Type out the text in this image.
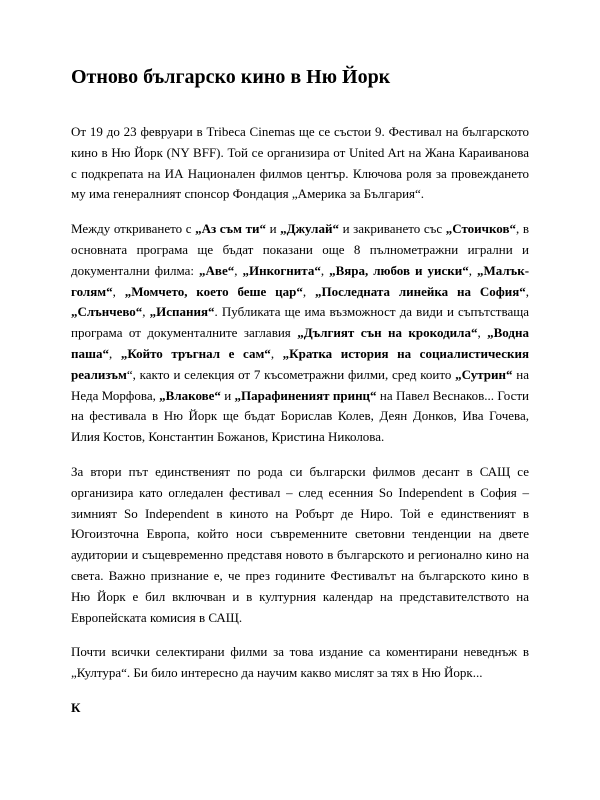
Отново българско кино в Ню Йорк

От 19 до 23 февруари в Tribeca Cinemas ще се състои 9. Фестивал на българското кино в Ню Йорк (NY BFF). Той се организира от United Art на Жана Караиванова с подкрепата на ИА Национален филмов център. Ключова роля за провеждането му има генералният спонсор Фондация „Америка за България“.

Между откриването с „Аз съм ти“ и „Джулай“ и закриването със „Стоичков“, в основната програма ще бъдат показани още 8 пълнометражни игрални и документални филма: „Аве“, „Инкогнита“, „Вяра, любов и уиски“, „Малък-голям“, „Момчето, което беше цар“, „Последната линейка на София“, „Слънчево“, „Испания“. Публиката ще има възможност да види и съпътстваща програма от документалните заглавия „Дългият сън на крокодила“, „Водна паша“, „Който тръгнал е сам“, „Кратка история на социалистическия реализъм“, както и селекция от 7 късометражни филми, сред които „Сутрин“ на Неда Морфова, „Влакове“ и „Парафиненият принц“ на Павел Веснаков... Гости на фестивала в Ню Йорк ще бъдат Борислав Колев, Деян Донков, Ива Гочева, Илия Костов, Константин Божанов, Кристина Николова.

За втори път единственият по рода си български филмов десант в САЩ се организира като огледален фестивал – след есенния So Independent в София – зимният So Independent в киното на Робърт де Ниро. Той е единственият в Югоизточна Европа, който носи съвременните световни тенденции на двете аудитории и същевременно представя новото в българското и регионално кино на света. Важно признание е, че през годините Фестивалът на българското кино в Ню Йорк е бил включван и в културния календар на представителството на Европейската комисия в САЩ.

Почти всички селектирани филми за това издание са коментирани неведнъж в „Култура“. Би било интересно да научим какво мислят за тях в Ню Йорк...

К
